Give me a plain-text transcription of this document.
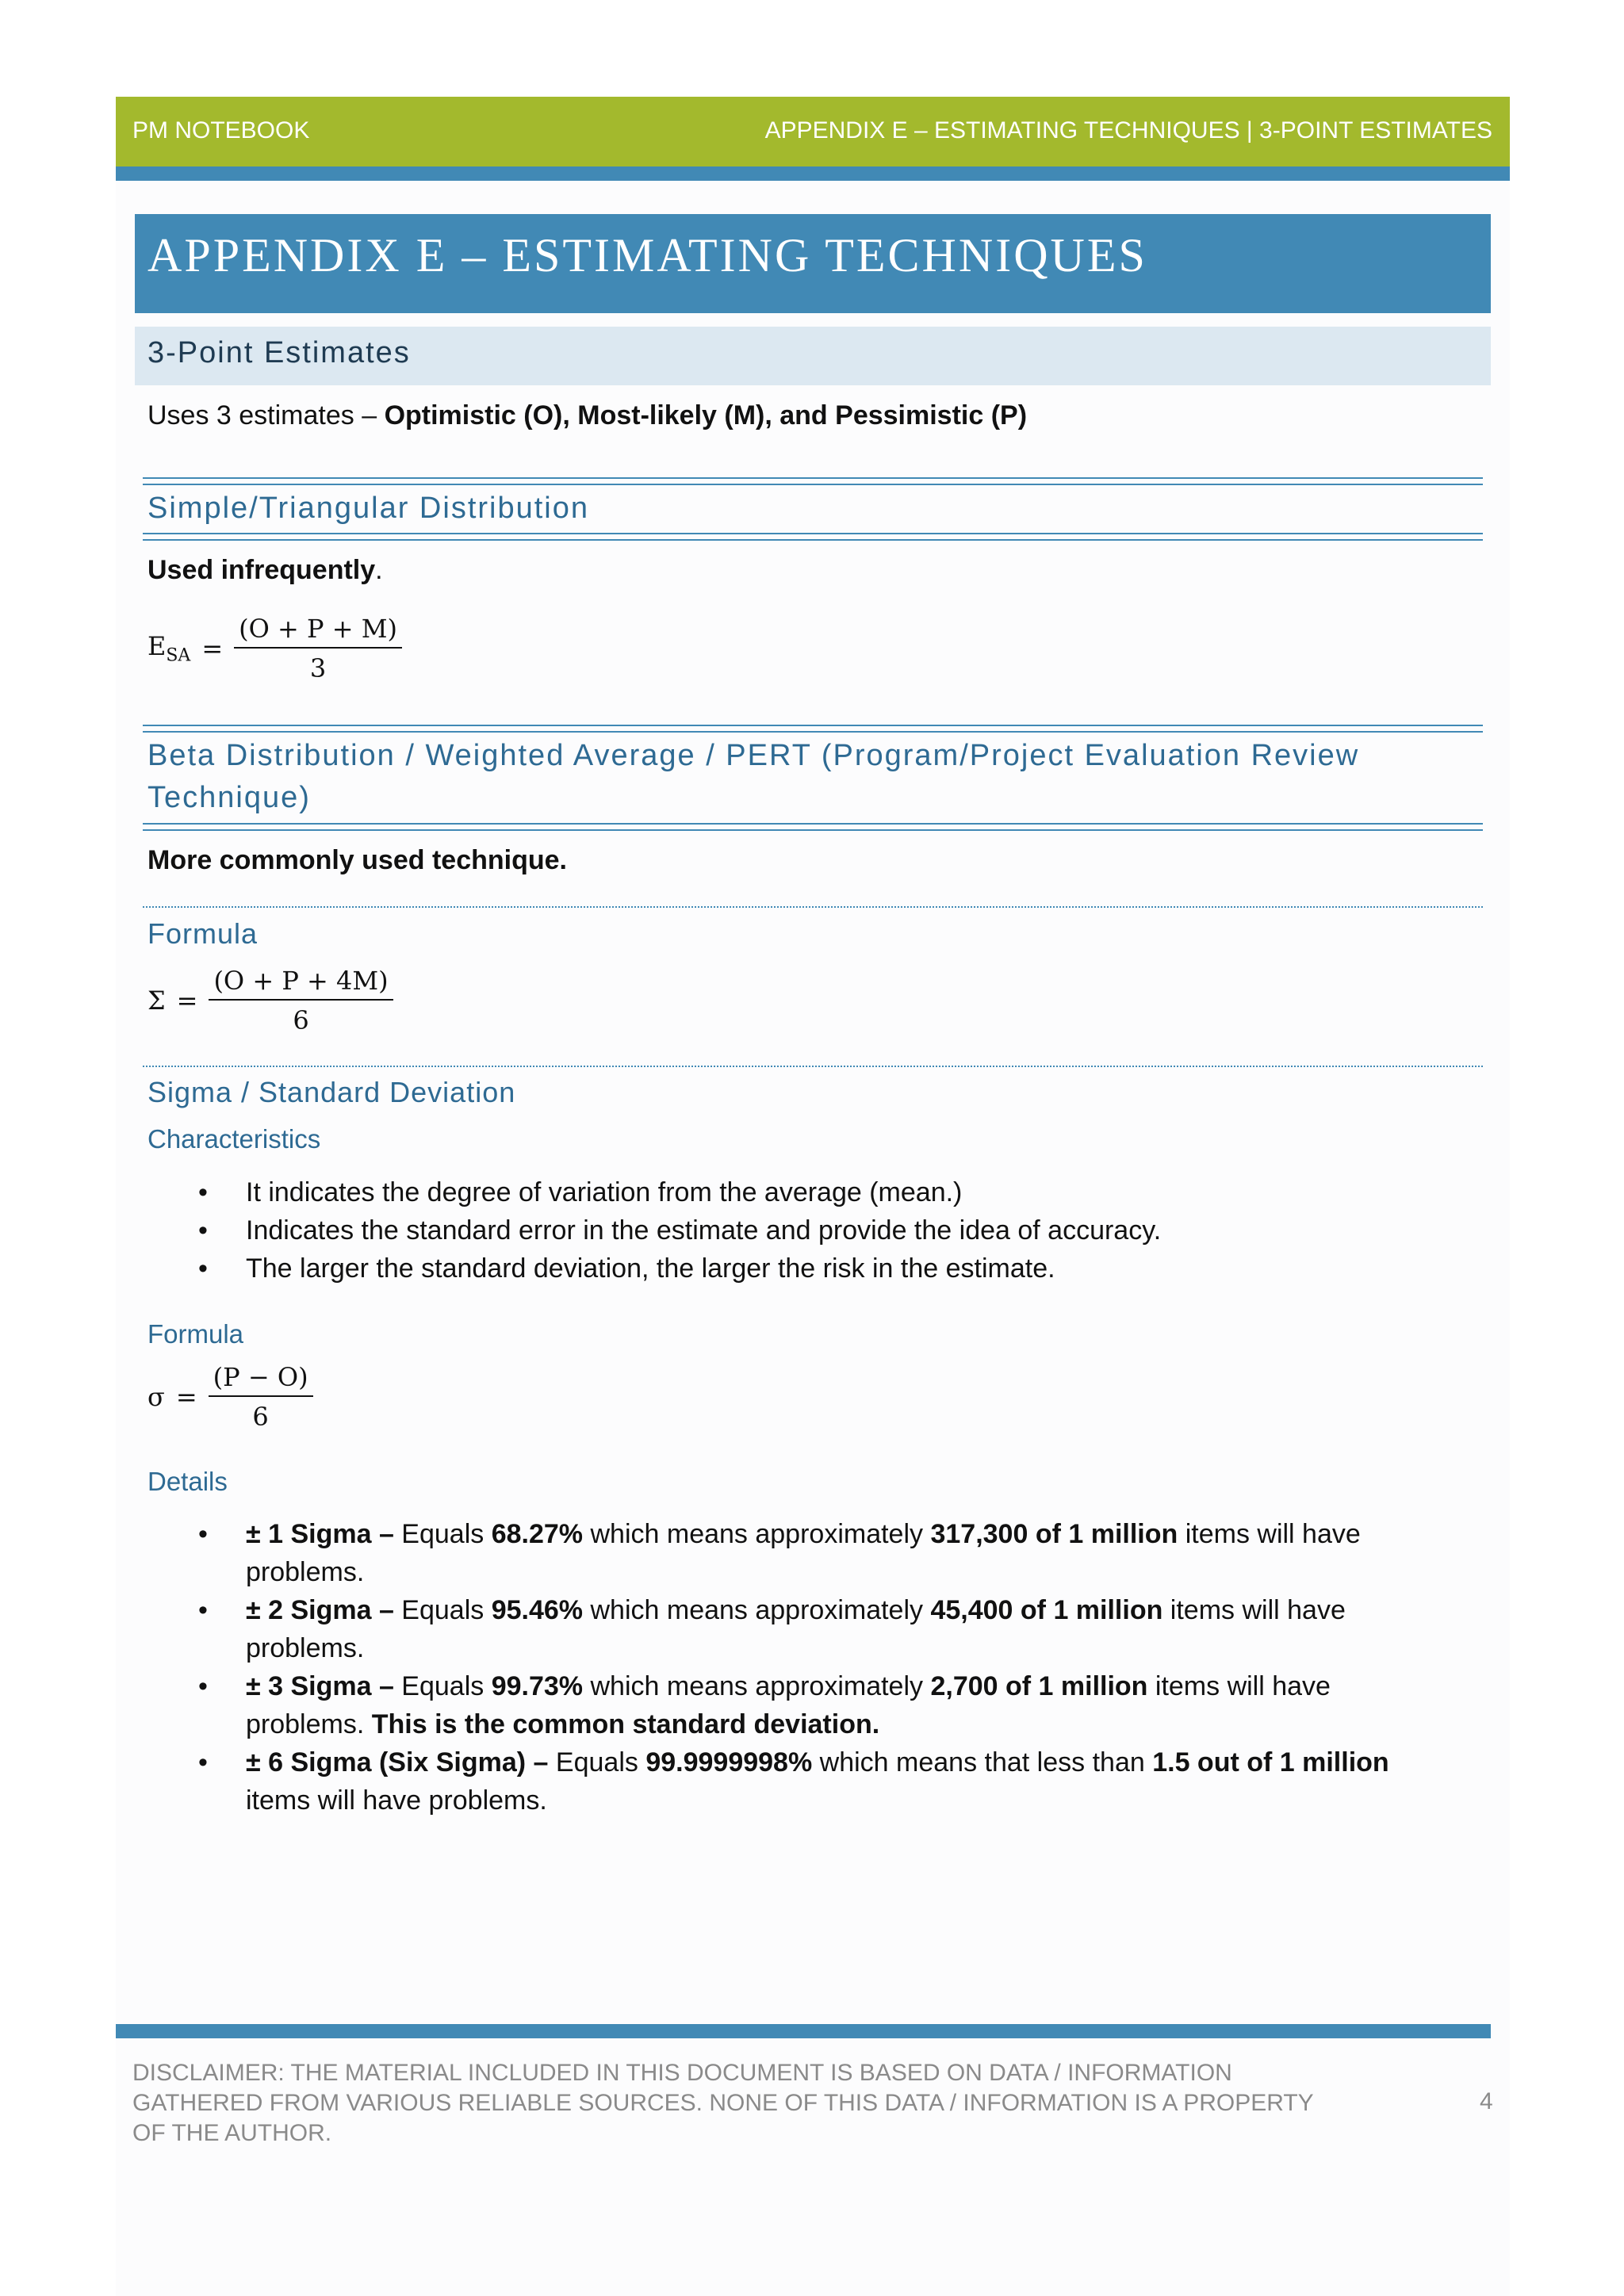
PM NOTEBOOK	APPENDIX E – ESTIMATING TECHNIQUES | 3-POINT ESTIMATES
APPENDIX E – ESTIMATING TECHNIQUES
3-Point Estimates
Uses 3 estimates – Optimistic (O), Most-likely (M), and Pessimistic (P)
Simple/Triangular Distribution
Used infrequently.
$E_{SA} = \frac{(O + P + M)}{3}$
Beta Distribution / Weighted Average / PERT (Program/Project Evaluation Review
Technique)
More commonly used technique.
Formula
$\Sigma = \frac{(O + P + 4M)}{6}$
Sigma / Standard Deviation
Characteristics
• It indicates the degree of variation from the average (mean.)
• Indicates the standard error in the estimate and provide the idea of accuracy.
• The larger the standard deviation, the larger the risk in the estimate.
Formula
$\sigma = \frac{(P - O)}{6}$
Details
• ± 1 Sigma – Equals 68.27% which means approximately 317,300 of 1 million items will have
problems.
• ± 2 Sigma – Equals 95.46% which means approximately 45,400 of 1 million items will have
problems.
• ± 3 Sigma – Equals 99.73% which means approximately 2,700 of 1 million items will have
problems. This is the common standard deviation.
• ± 6 Sigma (Six Sigma) – Equals 99.9999998% which means that less than 1.5 out of 1 million
items will have problems.
DISCLAIMER: THE MATERIAL INCLUDED IN THIS DOCUMENT IS BASED ON DATA / INFORMATION
GATHERED FROM VARIOUS RELIABLE SOURCES. NONE OF THIS DATA / INFORMATION IS A PROPERTY
OF THE AUTHOR.
4
